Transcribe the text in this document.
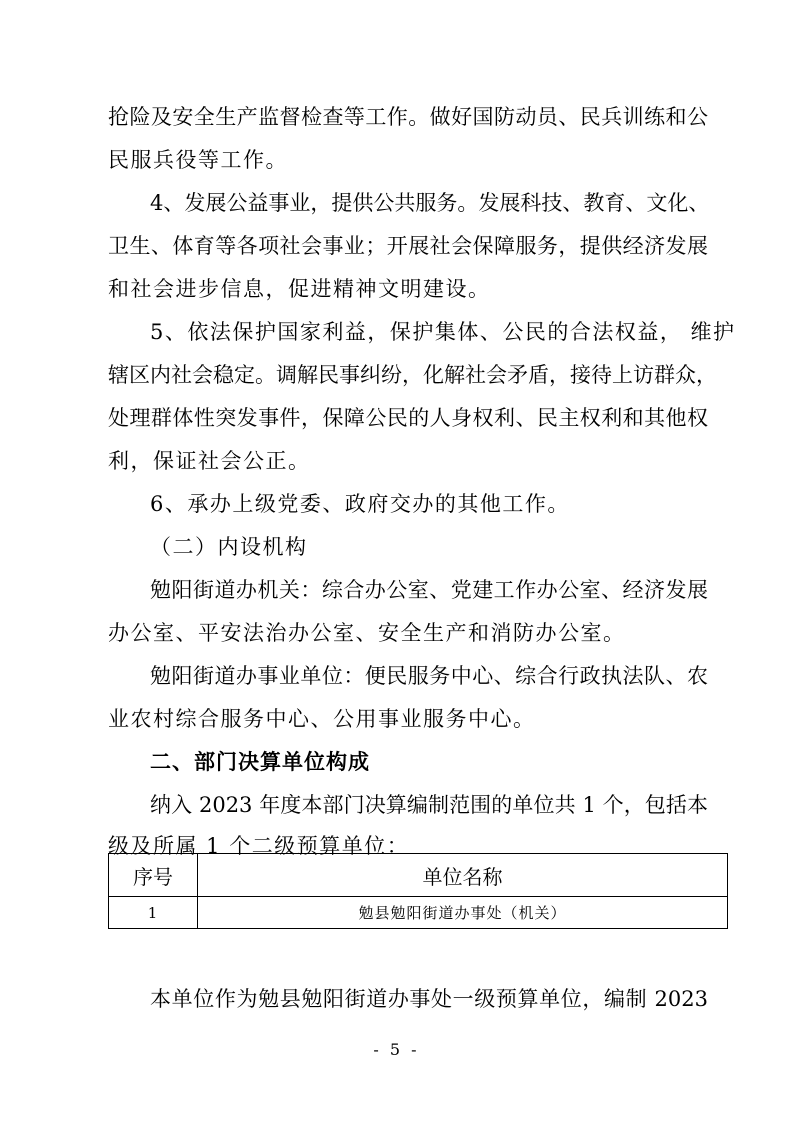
抢险及安全生产监督检查等工作。做好国防动员、民兵训练和公
民服兵役等工作。
4、发展公益事业，提供公共服务。发展科技、教育、文化、
卫生、体育等各项社会事业；开展社会保障服务，提供经济发展
和社会进步信息，促进精神文明建设。
5、依法保护国家利益，保护集体、公民的合法权益， 维护
辖区内社会稳定。调解民事纠纷，化解社会矛盾，接待上访群众，
处理群体性突发事件，保障公民的人身权利、民主权利和其他权
利，保证社会公正。
6、承办上级党委、政府交办的其他工作。
（二）内设机构
勉阳街道办机关：综合办公室、党建工作办公室、经济发展
办公室、平安法治办公室、安全生产和消防办公室。
勉阳街道办事业单位：便民服务中心、综合行政执法队、农
业农村综合服务中心、公用事业服务中心。
二、部门决算单位构成
纳入 2023 年度本部门决算编制范围的单位共 1 个，包括本
级及所属 1 个二级预算单位：
序号	单位名称
1	勉县勉阳街道办事处（机关）
本单位作为勉县勉阳街道办事处一级预算单位，编制 2023
- 5 -
